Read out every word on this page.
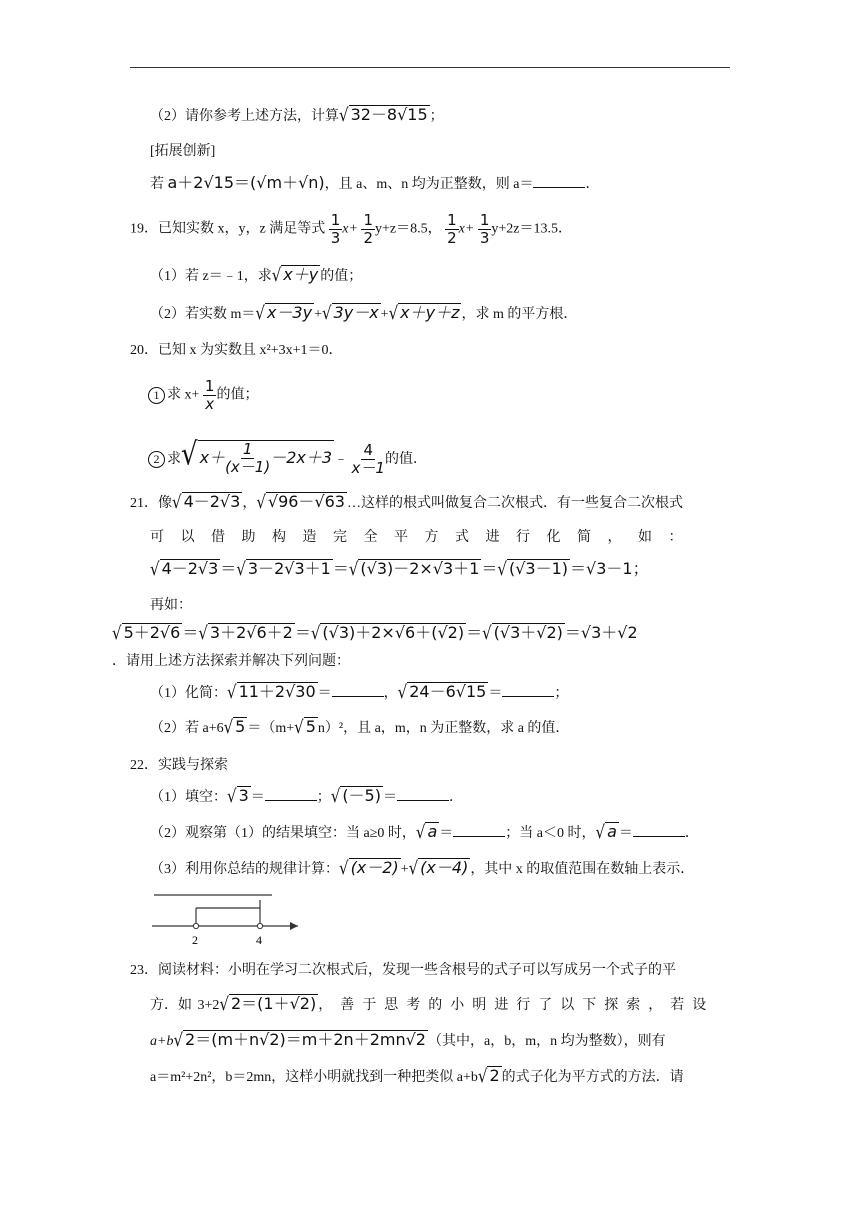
（2）请你参考上述方法，计算√ 32－8√15 ；
[拓展创新]
若 a＋2√15＝(√m＋√n)，且 a、m、n 均为正整数，则 a＝	．
19．已知实数 x，y，z 满足等式 $\frac{1}{3} x+ \frac{1}{2} y+z=8.5$， $\frac{1}{2} x+ \frac{1}{3} y+2z=13.5$．
（1）若 z＝﹣1，求√ x＋y 的值；
（2）若实数 m＝√ x－3y +√ 3y－x +√ x＋y＋z ，求 m 的平方根．
20．已知 x 为实数且 x²+3x+1＝0．
1 求 $x+ \frac{1}{x}$ 的值；
2 求√ $x+ \frac{1}{(x-1)} -2x+3$ ﹣ $\frac{4}{x-1}$ 的值．
21．像√ 4－2√3 ，√ √96－√63 …这样的根式叫做复合二次根式．有一些复合二次根式
可以借助构造完全平方式进行化简，如：
√ 4－2√3 ＝√ 3－2√3＋1 ＝√ (√3)－2×√3＋1 ＝√ (√3－1) ＝√3－1；
再如：
√ 5＋2√6 ＝√ 3＋2√6＋2 ＝√ (√3)＋2×√6＋(√2) ＝√ (√3＋√2) ＝√3＋√2
．请用上述方法探索并解决下列问题：
（1）化简：√ 11＋2√30 ＝	，√ 24－6√15 ＝	；
（2）若 a+6√ 5 ＝（m+√ 5 n）²，且 a，m，n 为正整数，求 a 的值．
22．实践与探索
（1）填空：√ 3 ＝	；√ (－5) ＝	．
（2）观察第（1）的结果填空：当 a≥0 时，√ a ＝	；当 a＜0 时，√ a ＝	．
（3）利用你总结的规律计算：√ (x－2) +√ (x－4) ，其中 x 的取值范围在数轴上表示．
2	4
23．阅读材料：小明在学习二次根式后，发现一些含根号的式子可以写成另一个式子的平
方．如 3+2√ 2＝(1＋√2) ，善于思考的小明进行了以下探索，若设
a+b√ 2＝(m＋n√2)＝m＋2n＋2mn√2 （其中，a，b，m，n 均为整数），则有
a＝m²+2n²，b＝2mn，这样小明就找到一种把类似 a+b√ 2 的式子化为平方式的方法．请
